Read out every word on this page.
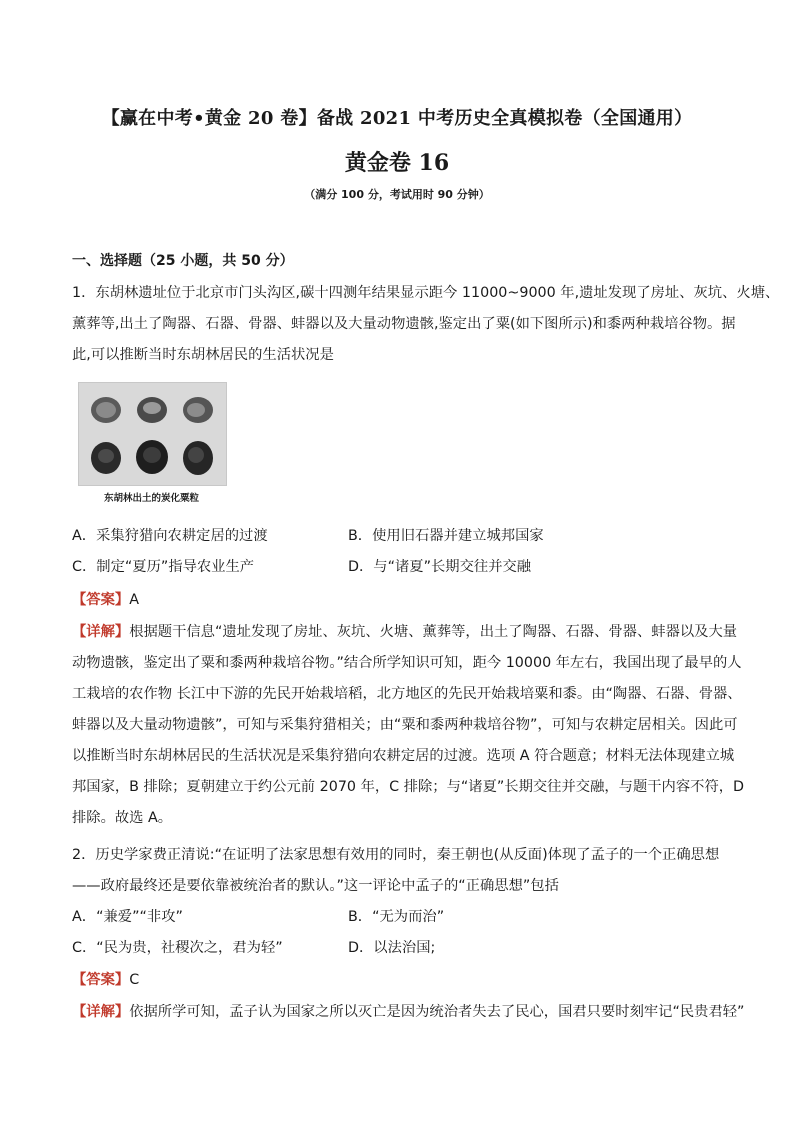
【赢在中考•黄金 20 卷】备战 2021 中考历史全真模拟卷（全国通用）
黄金卷 16
（满分 100 分，考试用时 90 分钟）
一、选择题（25 小题，共 50 分）
1．东胡林遗址位于北京市门头沟区,碳十四测年结果显示距今 11000~9000 年,遗址发现了房址、灰坑、火塘、
薰葬等,出土了陶器、石器、骨器、蚌器以及大量动物遗骸,鉴定出了粟(如下图所示)和黍两种栽培谷物。据
此,可以推断当时东胡林居民的生活状况是
东胡林出土的炭化粟粒
A．采集狩猎向农耕定居的过渡	B．使用旧石器并建立城邦国家
C．制定“夏历”指导农业生产	D．与“诸夏”长期交往并交融
【答案】A
【详解】根据题干信息“遗址发现了房址、灰坑、火塘、薰葬等，出土了陶器、石器、骨器、蚌器以及大量
动物遗骸，鉴定出了粟和黍两种栽培谷物。”结合所学知识可知，距今 10000 年左右，我国出现了最早的人
工栽培的农作物 长江中下游的先民开始栽培稻，北方地区的先民开始栽培粟和黍。由“陶器、石器、骨器、
蚌器以及大量动物遗骸”，可知与采集狩猎相关；由“粟和黍两种栽培谷物”，可知与农耕定居相关。因此可
以推断当时东胡林居民的生活状况是采集狩猎向农耕定居的过渡。选项 A 符合题意；材料无法体现建立城
邦国家，B 排除；夏朝建立于约公元前 2070 年，C 排除；与“诸夏”长期交往并交融，与题干内容不符，D
排除。故选 A。
2．历史学家费正清说:“在证明了法家思想有效用的同时，秦王朝也(从反面)体现了孟子的一个正确思想
——政府最终还是要依靠被统治者的默认。”这一评论中孟子的“正确思想”包括
A．“兼爱”“非攻”	B．“无为而治”
C．“民为贵，社稷次之，君为轻”	D．以法治国;
【答案】C
【详解】依据所学可知，孟子认为国家之所以灭亡是因为统治者失去了民心，国君只要时刻牢记“民贵君轻”
